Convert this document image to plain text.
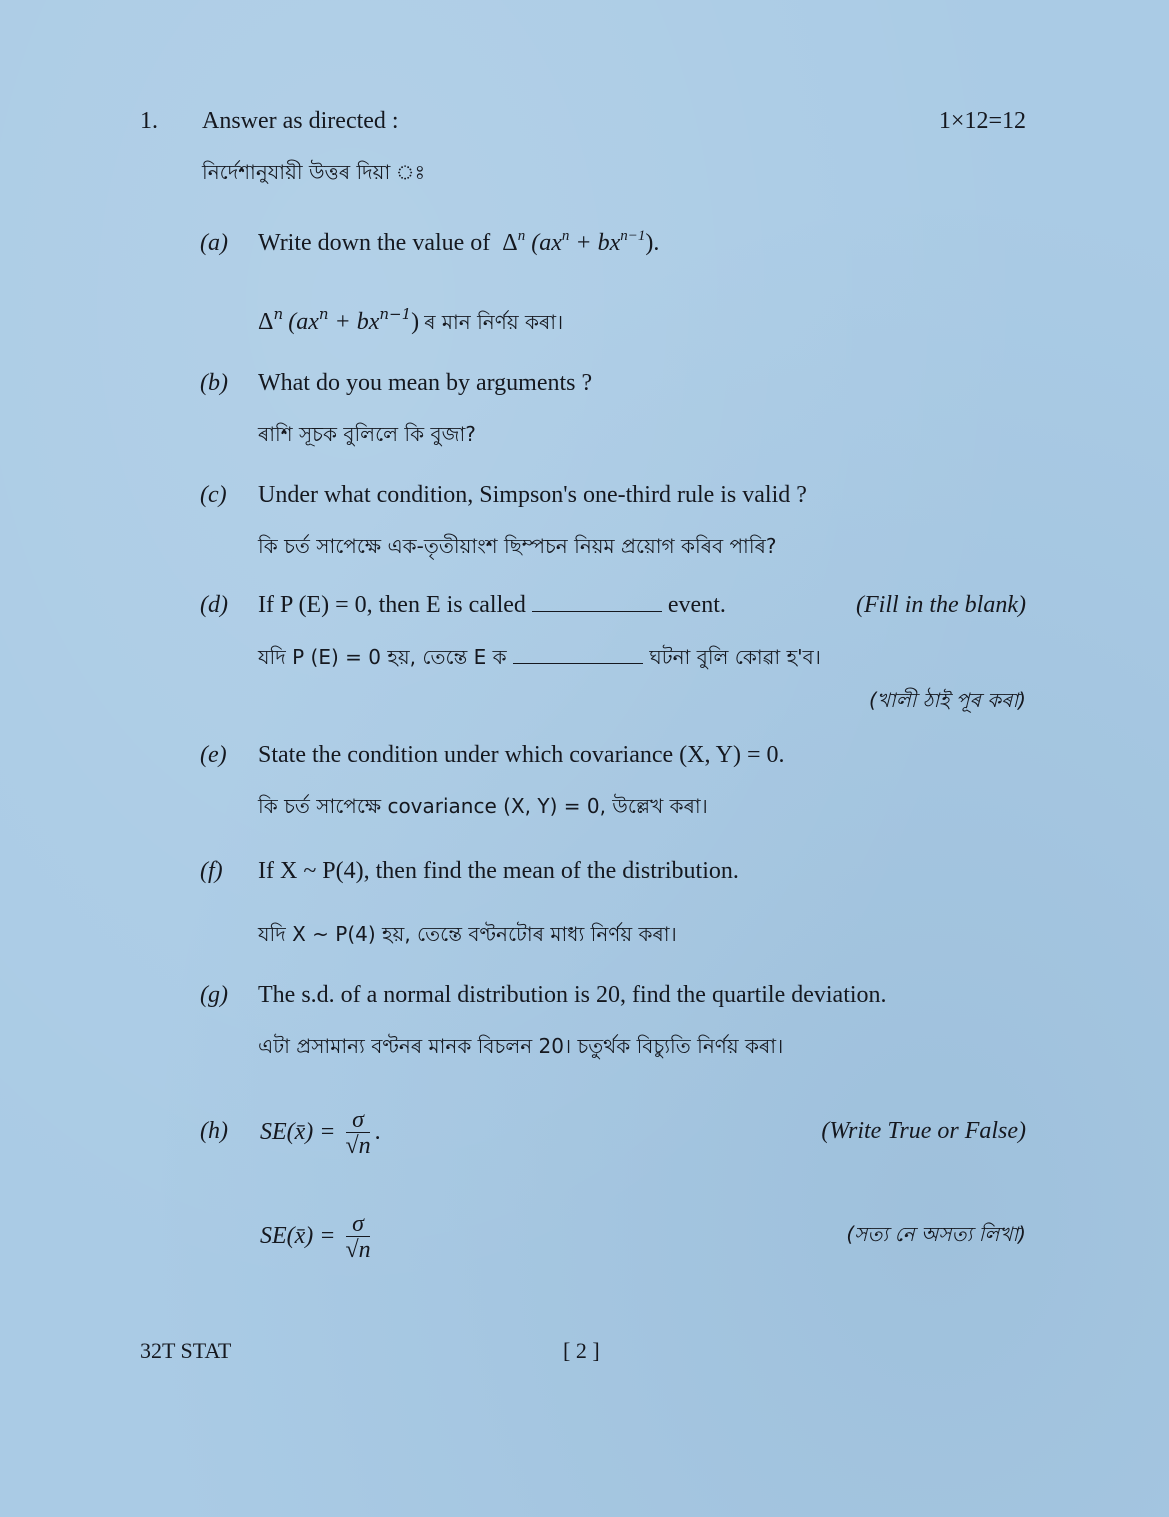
1. Answer as directed :	1×12=12
নিৰ্দেশানুযায়ী উত্তৰ দিয়া ঃ
(a) Write down the value of $\Delta^n$ $(ax^n + bx^{n-1})$.
Δn (axn + bxn−1) ৰ মান নিৰ্ণয় কৰা।
(b) What do you mean by arguments ?
ৰাশি সূচক বুলিলে কি বুজা?
(c) Under what condition, Simpson's one-third rule is valid ?
কি চৰ্ত সাপেক্ষে এক-তৃতীয়াংশ ছিম্পচন নিয়ম প্ৰয়োগ কৰিব পাৰি?
(d) If P (E) = 0, then E is called	event.	(Fill in the blank)
যদি P (E) = 0 হয়, তেন্তে E ক	ঘটনা বুলি কোৱা হ'ব।
(খালী ঠাই পূৰ কৰা)
(e) State the condition under which covariance (X, Y) = 0.
কি চৰ্ত সাপেক্ষে covariance (X, Y) = 0, উল্লেখ কৰা।
(f) If X ~ P(4), then find the mean of the distribution.
যদি X ~ P(4) হয়, তেন্তে বণ্টনটোৰ মাধ্য নিৰ্ণয় কৰা।
(g) The s.d. of a normal distribution is 20, find the quartile deviation.
এটা প্ৰসামান্য বণ্টনৰ মানক বিচলন 20। চতুৰ্থক বিচ্যুতি নিৰ্ণয় কৰা।
(h) SE(x̄) = $\frac{\sigma}{√n}$ .	(Write True or False)
SE(x̄) = $\frac{\sigma}{√n}$	(সত্য নে অসত্য লিখা)
32T STAT	[ 2 ]
